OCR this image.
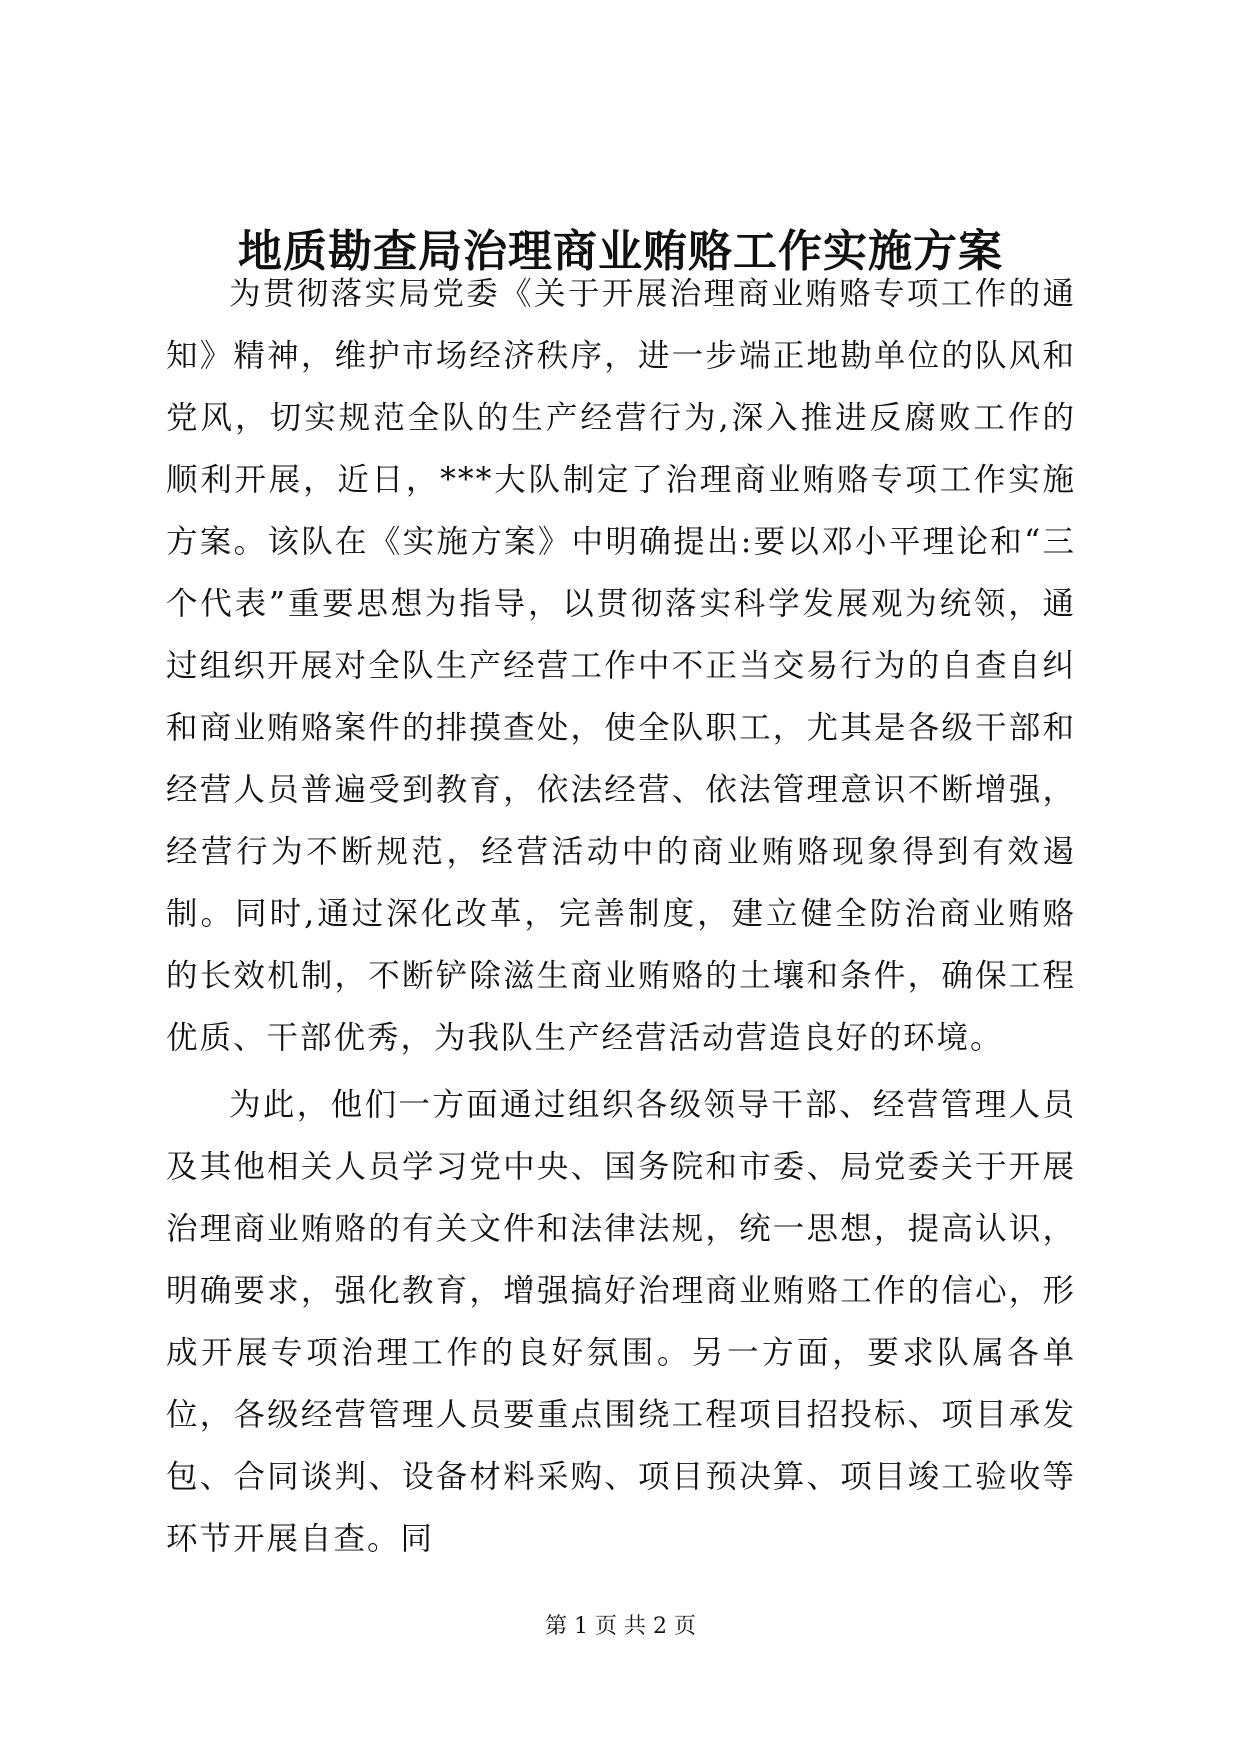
地质勘查局治理商业贿赂工作实施方案

为贯彻落实局党委《关于开展治理商业贿赂专项工作的通知》精神，维护市场经济秩序，进一步端正地勘单位的队风和党风，切实规范全队的生产经营行为,深入推进反腐败工作的顺利开展，近日，***大队制定了治理商业贿赂专项工作实施方案。该队在《实施方案》中明确提出:要以邓小平理论和“三个代表”重要思想为指导，以贯彻落实科学发展观为统领，通过组织开展对全队生产经营工作中不正当交易行为的自查自纠和商业贿赂案件的排摸查处，使全队职工，尤其是各级干部和经营人员普遍受到教育，依法经营、依法管理意识不断增强，经营行为不断规范，经营活动中的商业贿赂现象得到有效遏制。同时,通过深化改革，完善制度，建立健全防治商业贿赂的长效机制，不断铲除滋生商业贿赂的土壤和条件，确保工程优质、干部优秀，为我队生产经营活动营造良好的环境。

为此，他们一方面通过组织各级领导干部、经营管理人员及其他相关人员学习党中央、国务院和市委、局党委关于开展治理商业贿赂的有关文件和法律法规，统一思想，提高认识，明确要求，强化教育，增强搞好治理商业贿赂工作的信心，形成开展专项治理工作的良好氛围。另一方面，要求队属各单位，各级经营管理人员要重点围绕工程项目招投标、项目承发包、合同谈判、设备材料采购、项目预决算、项目竣工验收等环节开展自查。同

第 1 页 共 2 页
